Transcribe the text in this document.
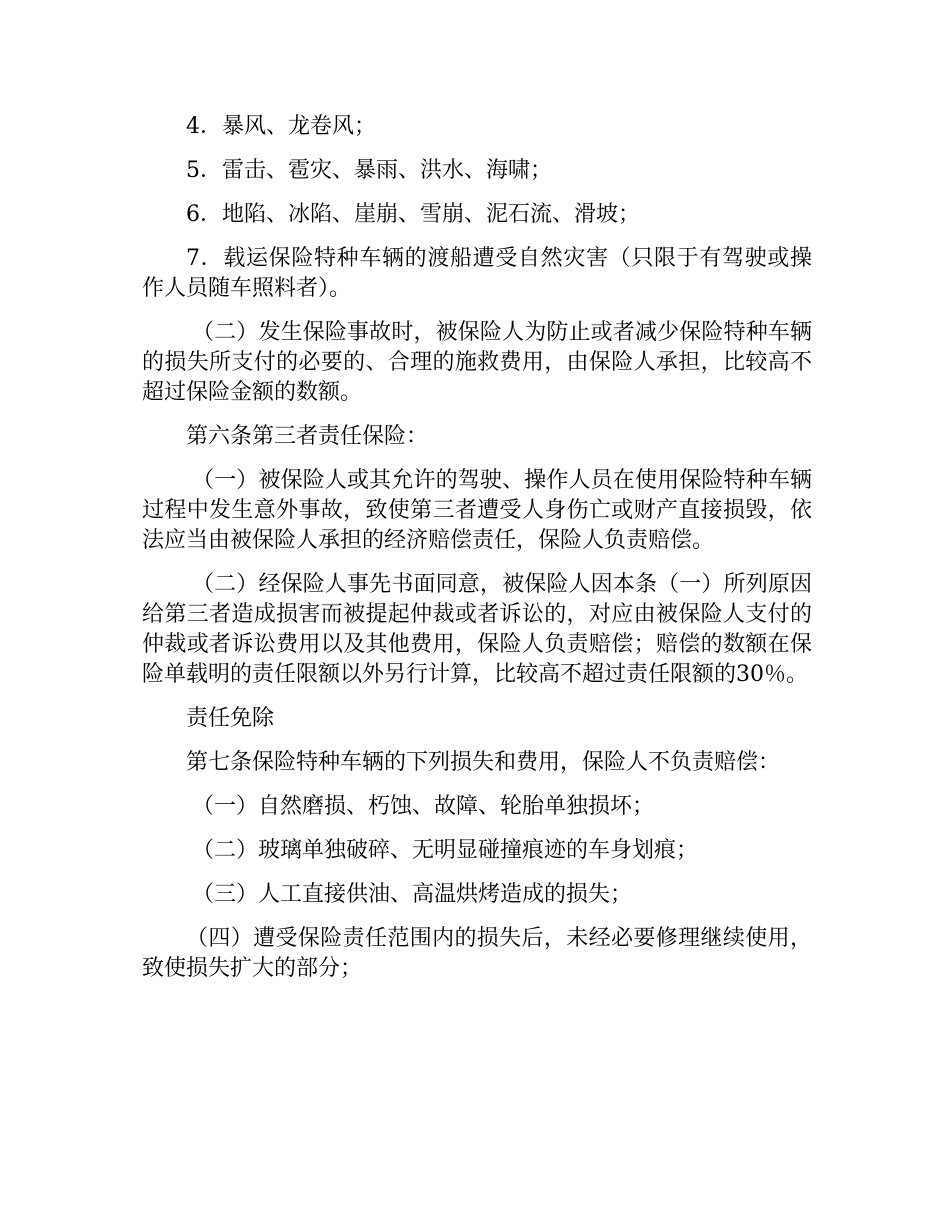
4．暴风、龙卷风；

5．雷击、雹灾、暴雨、洪水、海啸；

6．地陷、冰陷、崖崩、雪崩、泥石流、滑坡；

7．载运保险特种车辆的渡船遭受自然灾害（只限于有驾驶或操作人员随车照料者）。

（二）发生保险事故时，被保险人为防止或者减少保险特种车辆的损失所支付的必要的、合理的施救费用，由保险人承担，比较高不超过保险金额的数额。

第六条第三者责任保险：

（一）被保险人或其允许的驾驶、操作人员在使用保险特种车辆过程中发生意外事故，致使第三者遭受人身伤亡或财产直接损毁，依法应当由被保险人承担的经济赔偿责任，保险人负责赔偿。

（二）经保险人事先书面同意，被保险人因本条（一）所列原因给第三者造成损害而被提起仲裁或者诉讼的，对应由被保险人支付的仲裁或者诉讼费用以及其他费用，保险人负责赔偿；赔偿的数额在保险单载明的责任限额以外另行计算，比较高不超过责任限额的30％。

责任免除

第七条保险特种车辆的下列损失和费用，保险人不负责赔偿：

（一）自然磨损、朽蚀、故障、轮胎单独损坏；

（二）玻璃单独破碎、无明显碰撞痕迹的车身划痕；

（三）人工直接供油、高温烘烤造成的损失；

（四）遭受保险责任范围内的损失后，未经必要修理继续使用，致使损失扩大的部分；
